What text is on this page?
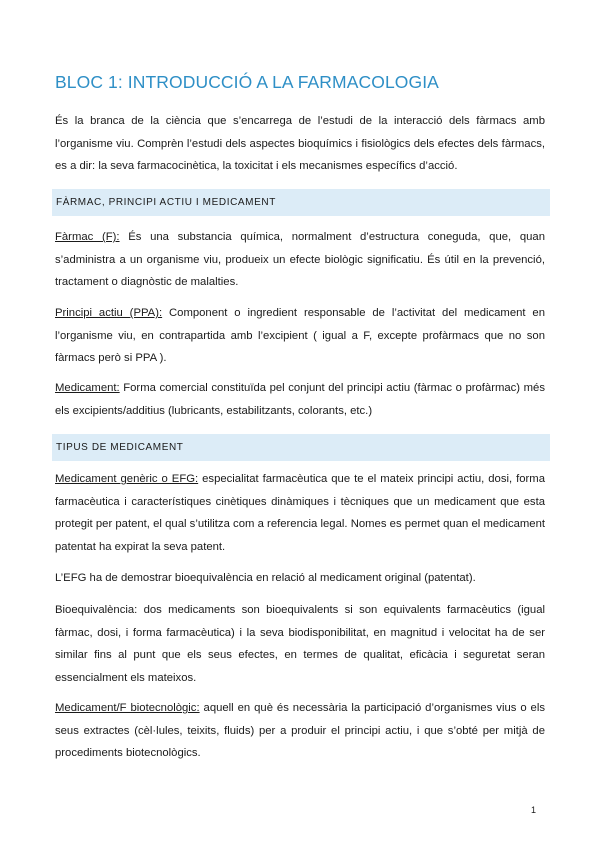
BLOC 1: INTRODUCCIÓ A LA FARMACOLOGIA

És la branca de la ciència que s’encarrega de l’estudi de la interacció dels fàrmacs amb l’organisme viu. Comprèn l’estudi dels aspectes bioquímics i fisiològics dels efectes dels fàrmacs, es a dir: la seva farmacocinètica, la toxicitat i els mecanismes específics d’acció.

FÀRMAC, PRINCIPI ACTIU I MEDICAMENT

Fàrmac (F): És una substancia química, normalment d’estructura coneguda, que, quan s’administra a un organisme viu, produeix un efecte biològic significatiu. És útil en la prevenció, tractament o diagnòstic de malalties.

Principi actiu (PPA): Component o ingredient responsable de l’activitat del medicament en l’organisme viu, en contrapartida amb l’excipient ( igual a F, excepte profàrmacs que no son fàrmacs però si PPA ).

Medicament: Forma comercial constituïda pel conjunt del principi actiu (fàrmac o profàrmac) més els excipients/additius (lubricants, estabilitzants, colorants, etc.)

TIPUS DE MEDICAMENT

Medicament genèric o EFG: especialitat farmacèutica que te el mateix principi actiu, dosi, forma farmacèutica i característiques cinètiques dinàmiques i tècniques que un medicament que esta protegit per patent, el qual s’utilitza com a referencia legal. Nomes es permet quan el medicament patentat ha expirat la seva patent.

L’EFG ha de demostrar bioequivalència en relació al medicament original (patentat).

Bioequivalència: dos medicaments son bioequivalents si son equivalents farmacèutics (igual fàrmac, dosi, i forma farmacèutica) i la seva biodisponibilitat, en magnitud i velocitat ha de ser similar fins al punt que els seus efectes, en termes de qualitat, eficàcia i seguretat seran essencialment els mateixos.

Medicament/F biotecnològic: aquell en què és necessària la participació d’organismes vius o els seus extractes (cèl·lules, teixits, fluids) per a produir el principi actiu, i que s’obté per mitjà de procediments biotecnològics.

1
